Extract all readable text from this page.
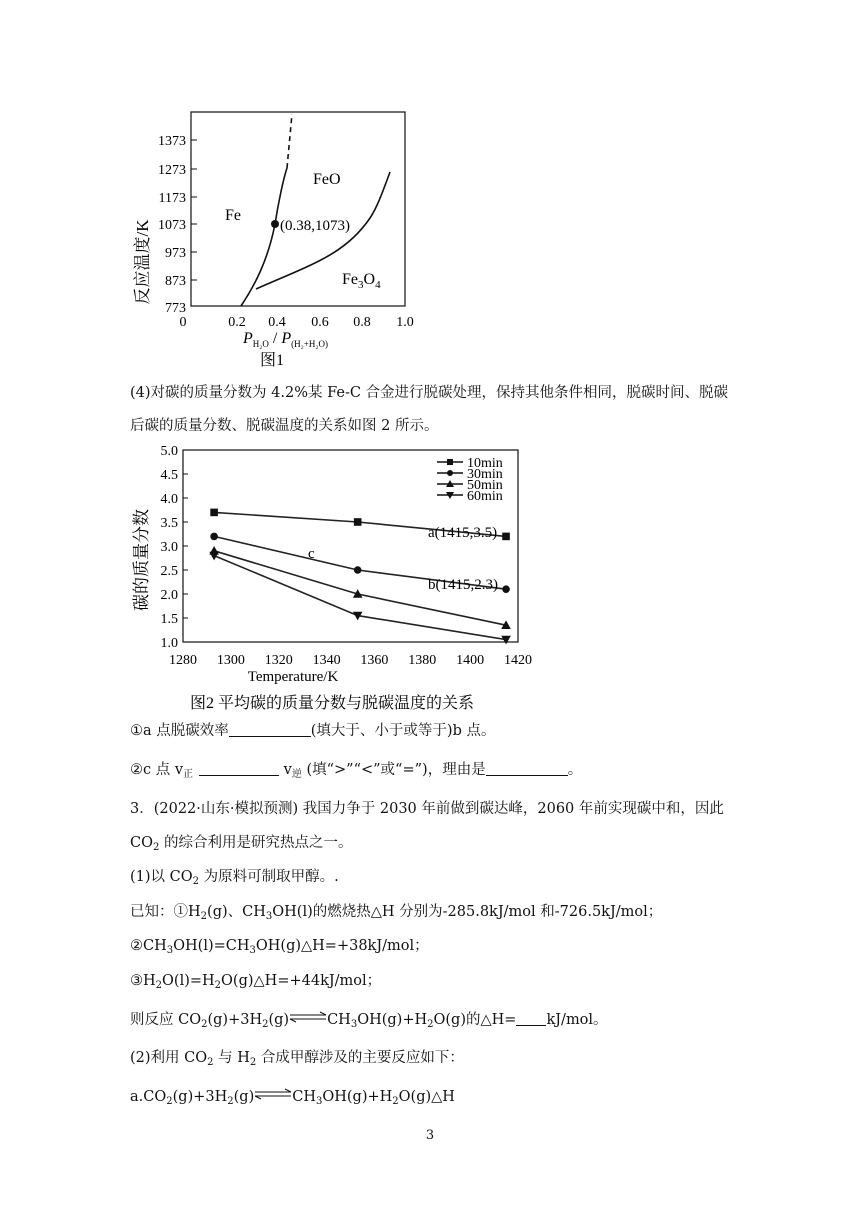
反应温度/K
1373
1273
1173
1073
973
873
773
0	0.2 0.4 0.6 0.8 1.0
Fe
FeO
(0.38,1073)
$Fe_3O_4$
$P_{H_2O} / P_{(H_2+H_2O)}$
图1
(4)对碳的质量分数为 4.2%某 Fe-C 合金进行脱碳处理，保持其他条件相同，脱碳时间、脱碳
后碳的质量分数、脱碳温度的关系如图 2 所示。
碳的质量分数
5.0
4.5
4.0
3.5
3.0
2.5
2.0
1.5
1.0
1280 1300 1320 1340 1360 1380 1400 1420
10min
30min
50min
60min
a(1415,3.5)
b(1415,2.3)
c
Temperature/K
图2 平均碳的质量分数与脱碳温度的关系
①a 点脱碳效率	(填大于、小于或等于)b 点。
②c 点 $v_正$	$v_逆$ (填“>”“<”或“=”)，理由是	。
3．(2022·山东·模拟预测) 我国力争于 2030 年前做到碳达峰，2060 年前实现碳中和，因此
$CO_2$ 的综合利用是研究热点之一。
(1)以 $CO_2$ 为原料可制取甲醇。.
已知：$①H_2(g)$、$CH_3OH(l)$的燃烧热△H 分别为-285.8kJ/mol 和-726.5kJ/mol；
$②CH_3OH(l)=CH_3OH(g)\triangle H=+38kJ$/mol；
$③H_2O(l)=H_2O(g)\triangle H=+44kJ$/mol；
则反应 $CO_2(g)+3H_2(g)\rightleftharpoons CH_3OH(g)+H_2O(g)$的△H= kJ/mol。
(2)利用 $CO_2$ 与 $H_2$ 合成甲醇涉及的主要反应如下：
$a.CO_2(g)+3H_2(g)\rightleftharpoons CH_3OH(g)+H_2O(g)\triangle H$
3
